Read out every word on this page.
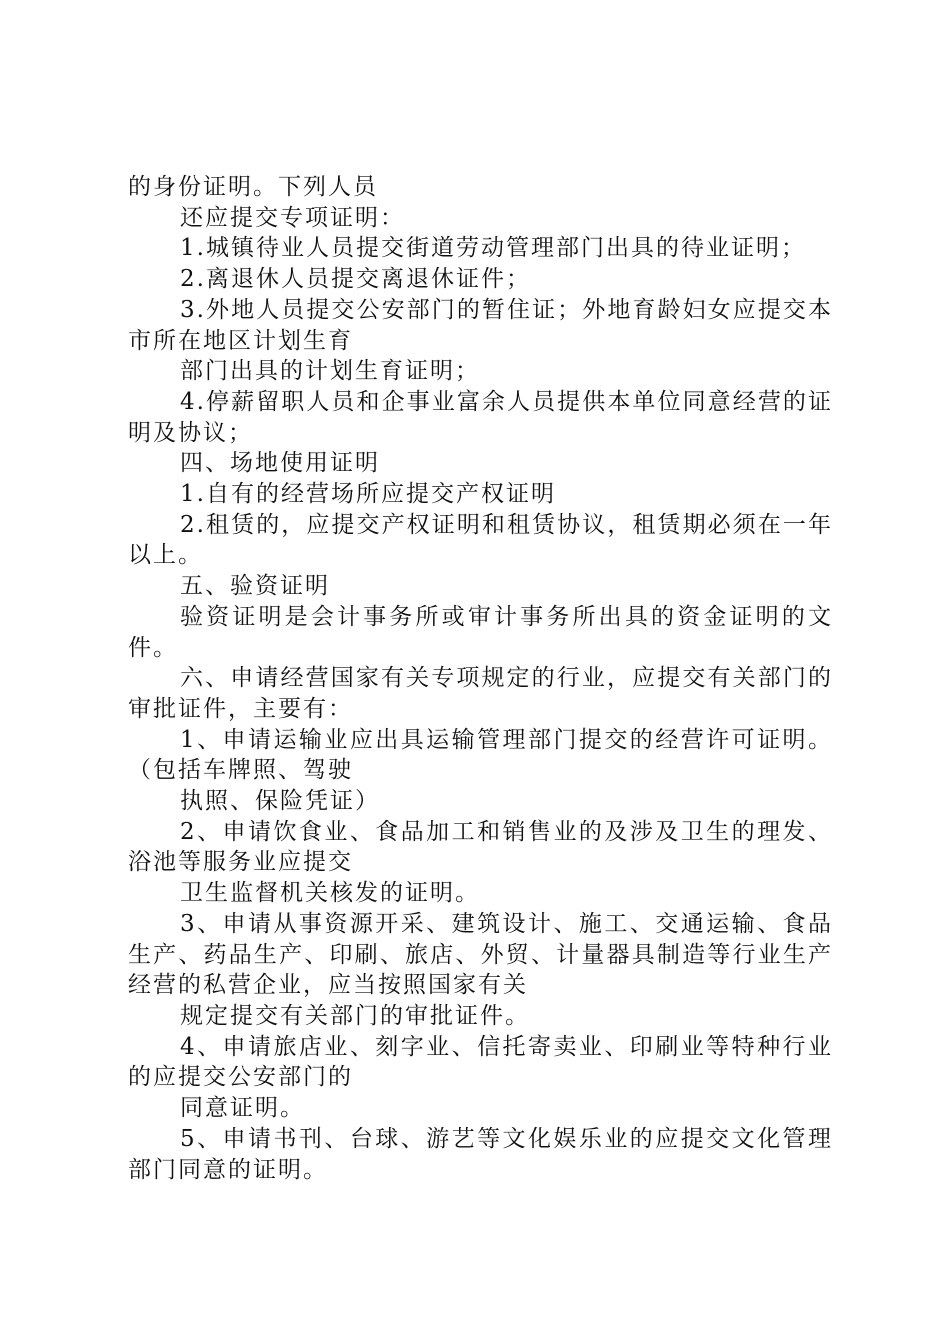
的身份证明。下列人员

还应提交专项证明：

1.城镇待业人员提交街道劳动管理部门出具的待业证明；

2.离退休人员提交离退休证件；

3.外地人员提交公安部门的暂住证；外地育龄妇女应提交本市所在地区计划生育

部门出具的计划生育证明；

4.停薪留职人员和企事业富余人员提供本单位同意经营的证明及协议；

四、场地使用证明

1.自有的经营场所应提交产权证明

2.租赁的，应提交产权证明和租赁协议，租赁期必须在一年以上。

五、验资证明

验资证明是会计事务所或审计事务所出具的资金证明的文件。

六、申请经营国家有关专项规定的行业，应提交有关部门的审批证件，主要有：

1、申请运输业应出具运输管理部门提交的经营许可证明。（包括车牌照、驾驶

执照、保险凭证）

2、申请饮食业、食品加工和销售业的及涉及卫生的理发、浴池等服务业应提交

卫生监督机关核发的证明。

3、申请从事资源开采、建筑设计、施工、交通运输、食品生产、药品生产、印刷、旅店、外贸、计量器具制造等行业生产经营的私营企业，应当按照国家有关

规定提交有关部门的审批证件。

4、申请旅店业、刻字业、信托寄卖业、印刷业等特种行业的应提交公安部门的

同意证明。

5、申请书刊、台球、游艺等文化娱乐业的应提交文化管理部门同意的证明。
